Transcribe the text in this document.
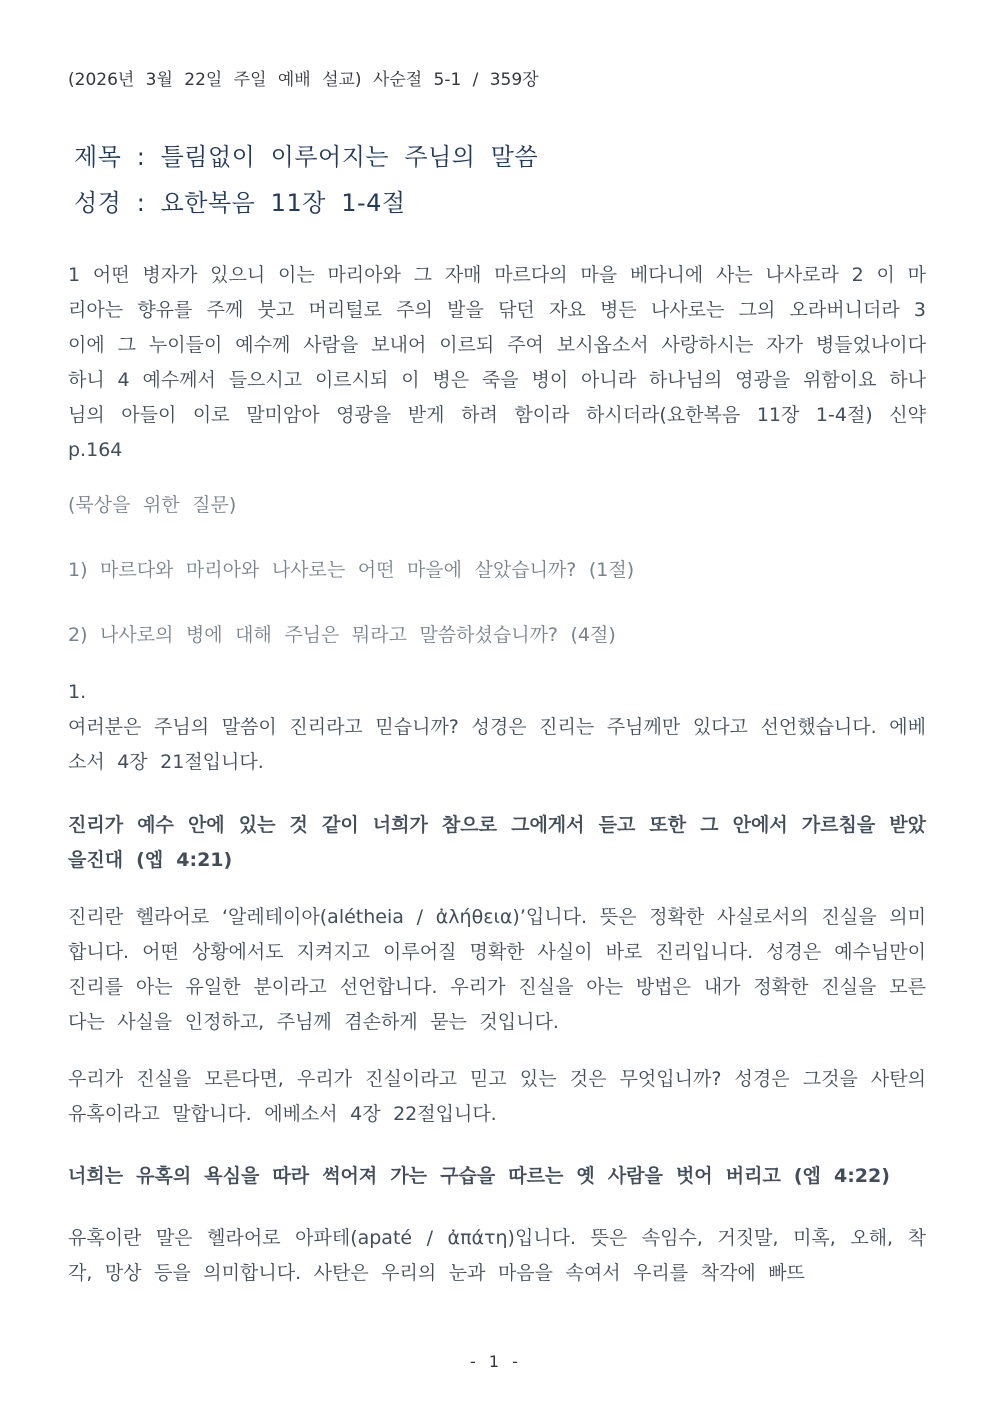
(2026년 3월 22일 주일 예배 설교) 사순절 5-1 / 359장

제목 : 틀림없이 이루어지는 주님의 말씀

성경 : 요한복음 11장 1-4절

1 어떤 병자가 있으니 이는 마리아와 그 자매 마르다의 마을 베다니에 사는 나사로라 2 이 마리아는 향유를 주께 붓고 머리털로 주의 발을 닦던 자요 병든 나사로는 그의 오라버니더라 3 이에 그 누이들이 예수께 사람을 보내어 이르되 주여 보시옵소서 사랑하시는 자가 병들었나이다 하니 4 예수께서 들으시고 이르시되 이 병은 죽을 병이 아니라 하나님의 영광을 위함이요 하나님의 아들이 이로 말미암아 영광을 받게 하려 함이라 하시더라(요한복음 11장 1-4절) 신약 p.164

(묵상을 위한 질문)

1) 마르다와 마리아와 나사로는 어떤 마을에 살았습니까? (1절)

2) 나사로의 병에 대해 주님은 뭐라고 말씀하셨습니까? (4절)

1.

여러분은 주님의 말씀이 진리라고 믿습니까? 성경은 진리는 주님께만 있다고 선언했습니다. 에베소서 4장 21절입니다.

진리가 예수 안에 있는 것 같이 너희가 참으로 그에게서 듣고 또한 그 안에서 가르침을 받았을진대 (엡 4:21)

진리란 헬라어로 ‘알레테이아(alétheia / ἀλήθεια)’입니다. 뜻은 정확한 사실로서의 진실을 의미합니다. 어떤 상황에서도 지켜지고 이루어질 명확한 사실이 바로 진리입니다. 성경은 예수님만이 진리를 아는 유일한 분이라고 선언합니다. 우리가 진실을 아는 방법은 내가 정확한 진실을 모른다는 사실을 인정하고, 주님께 겸손하게 묻는 것입니다.

우리가 진실을 모른다면, 우리가 진실이라고 믿고 있는 것은 무엇입니까? 성경은 그것을 사탄의 유혹이라고 말합니다. 에베소서 4장 22절입니다.

너희는 유혹의 욕심을 따라 썩어져 가는 구습을 따르는 옛 사람을 벗어 버리고 (엡 4:22)

유혹이란 말은 헬라어로 아파테(apaté / ἀπάτη)입니다. 뜻은 속임수, 거짓말, 미혹, 오해, 착각, 망상 등을 의미합니다. 사탄은 우리의 눈과 마음을 속여서 우리를 착각에 빠뜨

- 1 -
